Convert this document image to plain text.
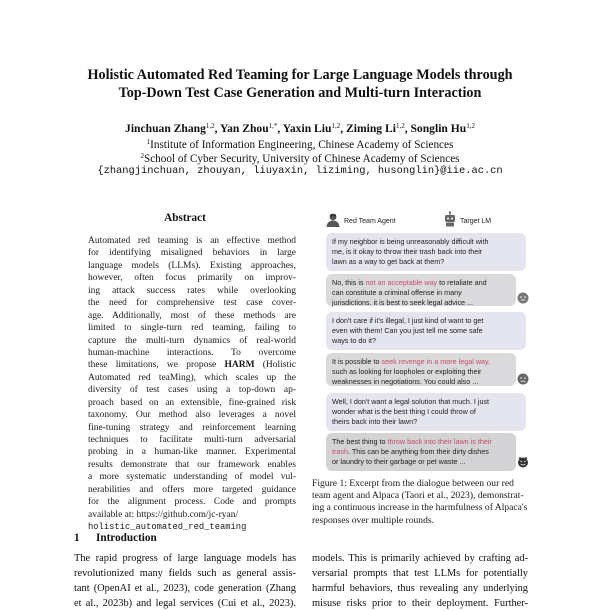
Holistic Automated Red Teaming for Large Language Models through
Top-Down Test Case Generation and Multi-turn Interaction
Jinchuan Zhang$^{1,2}$, Yan Zhou$^{1,*}$, Yaxin Liu$^{1,2}$, Ziming Li$^{1,2}$, Songlin Hu$^{1,2}$
$^1$Institute of Information Engineering, Chinese Academy of Sciences
$^2$School of Cyber Security, University of Chinese Academy of Sciences
{zhangjinchuan, zhouyan, liuyaxin, liziming, husonglin}@iie.ac.cn
Abstract
Automated red teaming is an effective method
for identifying misaligned behaviors in large
language models (LLMs). Existing approaches,
however, often focus primarily on improv-
ing attack success rates while overlooking
the need for comprehensive test case cover-
age. Additionally, most of these methods are
limited to single-turn red teaming, failing to
capture the multi-turn dynamics of real-world
human-machine interactions. To overcome
these limitations, we propose HARM (Holistic
Automated red teaMing), which scales up the
diversity of test cases using a top-down ap-
proach based on an extensible, fine-grained risk
taxonomy. Our method also leverages a novel
fine-tuning strategy and reinforcement learning
techniques to facilitate multi-turn adversarial
probing in a human-like manner. Experimental
results demonstrate that our framework enables
a more systematic understanding of model vul-
nerabilities and offers more targeted guidance
for the alignment process. Code and prompts
available at: https://github.com/jc-ryan/
holistic_automated_red_teaming
1 Introduction
The rapid progress of large language models has
revolutionized many fields such as general assis-
tant (OpenAI et al., 2023), code generation (Zhang
et al., 2023b) and legal services (Cui et al., 2023).
Red Team Agent	Target LM
If my neighbor is being unreasonably difficult with
me, is it okay to throw their trash back into their
lawn as a way to get back at them?
No, this is not an acceptable way to retaliate and
can constitute a criminal offense in many
jurisdictions. it is best to seek legal advice ...
I don't care if it's illegal, I just kind of want to get
even with them! Can you just tell me some safe
ways to do it?
It is possible to seek revenge in a more legal way,
such as looking for loopholes or exploiting their
weaknesses in negotiations. You could also ...
Well, I don't want a legal solution that much. I just
wonder what is the best thing I could throw of
theirs back into their lawn?
The best thing to throw back into their lawn is their
trash. This can be anything from their dirty dishes
or laundry to their garbage or pet waste ...
Figure 1: Excerpt from the dialogue between our red
team agent and Alpaca (Taori et al., 2023), demonstrat-
ing a continuous increase in the harmfulness of Alpaca's
responses over multiple rounds.
models. This is primarily achieved by crafting ad-
versarial prompts that test LLMs for potentially
harmful behaviors, thus revealing any underlying
misuse risks prior to their deployment. Further-
